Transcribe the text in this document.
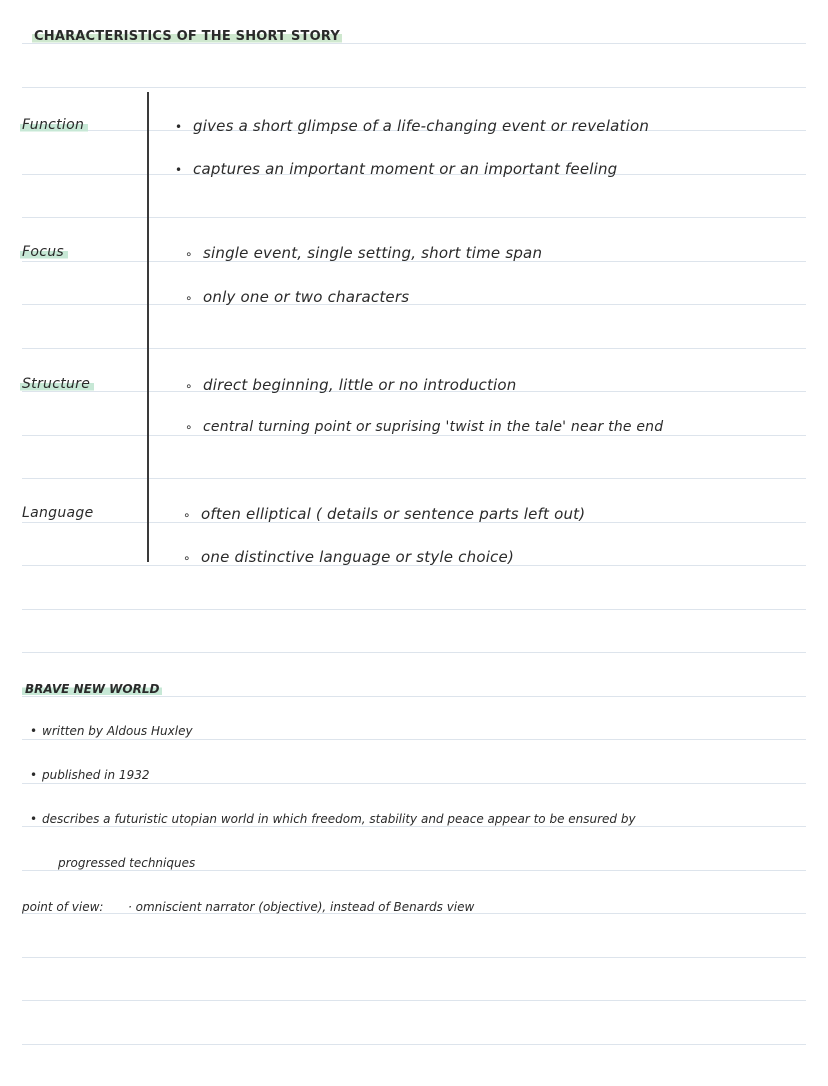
CHARACTERISTICS OF THE SHORT STORY
Function	• gives a short glimpse of a life-changing event or revelation
• captures an important moment or an important feeling
Focus	∘ single event, single setting, short time span
∘ only one or two characters
Structure	∘ direct beginning, little or no introduction
∘ central turning point or suprising 'twist in the tale' near the end
Language	∘ often elliptical ( details or sentence parts left out)
∘ one distinctive language or style choice)
BRAVE NEW WORLD
• written by Aldous Huxley
• published in 1932
• describes a futuristic utopian world in which freedom, stability and peace appear to be ensured by
progressed techniques
point of view: · omniscient narrator (objective), instead of Benards view
